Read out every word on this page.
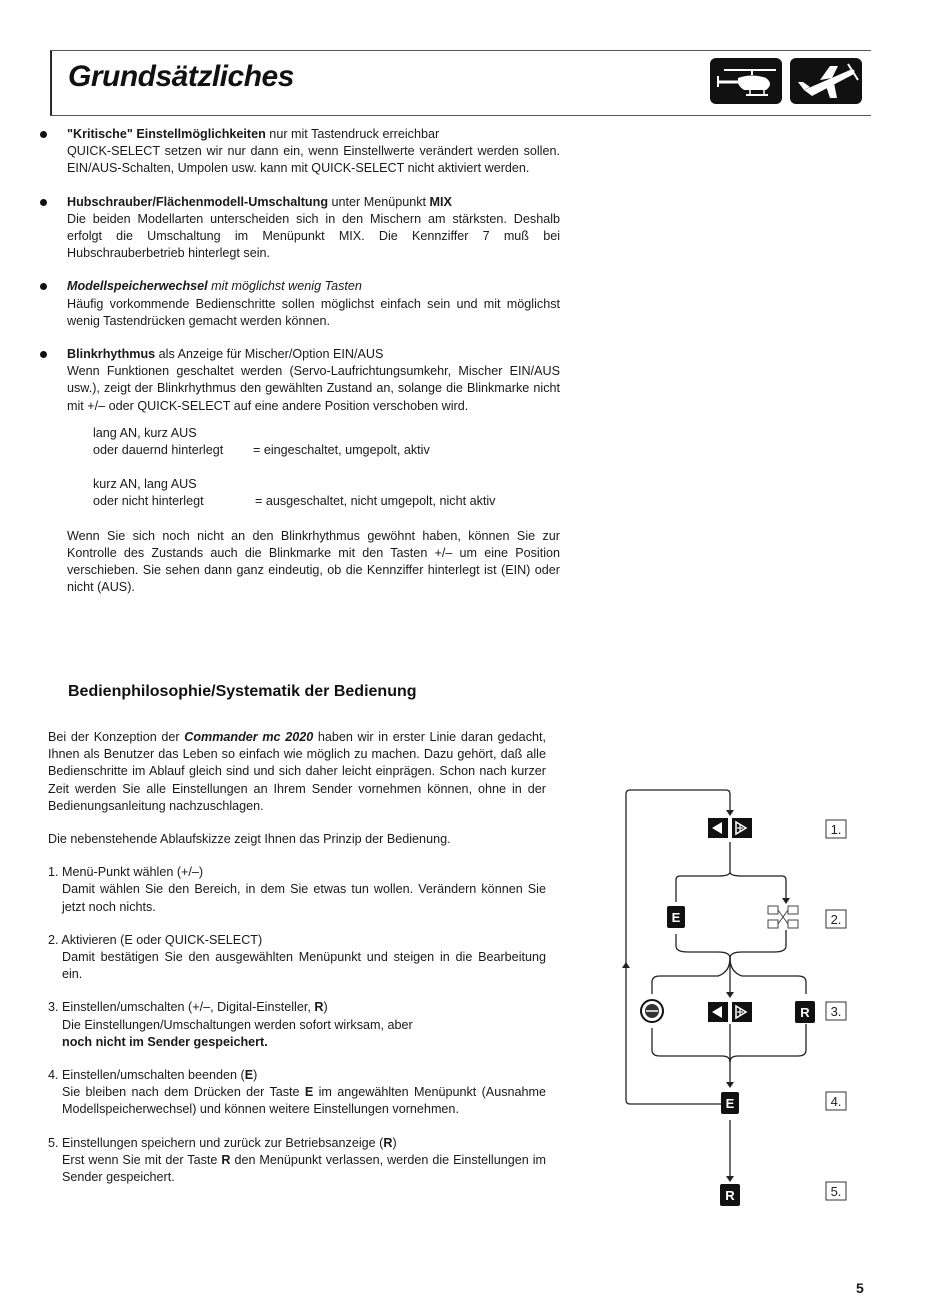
Grundsätzliches
"Kritische" Einstellmöglichkeiten nur mit Tastendruck erreichbar

QUICK-SELECT setzen wir nur dann ein, wenn Einstellwerte verändert werden sollen. EIN/AUS-Schalten, Umpolen usw. kann mit QUICK-SELECT nicht aktiviert werden.

Hubschrauber/Flächenmodell-Umschaltung unter Menüpunkt MIX

Die beiden Modellarten unterscheiden sich in den Mischern am stärksten. Deshalb erfolgt die Umschaltung im Menüpunkt MIX. Die Kennziffer 7 muß bei Hubschrauberbetrieb hinterlegt sein.

Modellspeicherwechsel mit möglichst wenig Tasten

Häufig vorkommende Bedienschritte sollen möglichst einfach sein und mit möglichst wenig Tastendrücken gemacht werden können.

Blinkrhythmus als Anzeige für Mischer/Option EIN/AUS

Wenn Funktionen geschaltet werden (Servo-Laufrichtungsumkehr, Mischer EIN/AUS usw.), zeigt der Blinkrhythmus den gewählten Zustand an, solange die Blinkmarke nicht mit +/– oder QUICK-SELECT auf eine andere Position verschoben wird.

lang AN, kurz AUS
oder dauernd hinterlegt	= eingeschaltet, umgepolt, aktiv
kurz AN, lang AUS
oder nicht hinterlegt	= ausgeschaltet, nicht umgepolt, nicht aktiv

Wenn Sie sich noch nicht an den Blinkrhythmus gewöhnt haben, können Sie zur Kontrolle des Zustands auch die Blinkmarke mit den Tasten +/– um eine Position verschieben. Sie sehen dann ganz eindeutig, ob die Kennziffer hinterlegt ist (EIN) oder nicht (AUS).

Bedienphilosophie/Systematik der Bedienung

Bei der Konzeption der Commander mc 2020 haben wir in erster Linie daran gedacht, Ihnen als Benutzer das Leben so einfach wie möglich zu machen. Dazu gehört, daß alle Bedienschritte im Ablauf gleich sind und sich daher leicht einprägen. Schon nach kurzer Zeit werden Sie alle Einstellungen an Ihrem Sender vornehmen können, ohne in der Bedienungsanleitung nachzuschlagen.

Die nebenstehende Ablaufskizze zeigt Ihnen das Prinzip der Bedienung.

1. Menü-Punkt wählen (+/–)
Damit wählen Sie den Bereich, in dem Sie etwas tun wollen. Verändern können Sie jetzt noch nichts.
2. Aktivieren (E oder QUICK-SELECT)
Damit bestätigen Sie den ausgewählten Menüpunkt und steigen in die Bearbeitung ein.
3. Einstellen/umschalten (+/–, Digital-Einsteller, R)
Die Einstellungen/Umschaltungen werden sofort wirksam, aber
noch nicht im Sender gespeichert.
4. Einstellen/umschalten beenden (E)
Sie bleiben nach dem Drücken der Taste E im angewählten Menüpunkt (Ausnahme Modellspeicherwechsel) und können weitere Einstellungen vornehmen.
5. Einstellungen speichern und zurück zur Betriebsanzeige (R)
Erst wenn Sie mit der Taste R den Menüpunkt verlassen, werden die Einstellungen im Sender gespeichert.
E
R
E
R
1.
2.
3.
4.
5.
5
